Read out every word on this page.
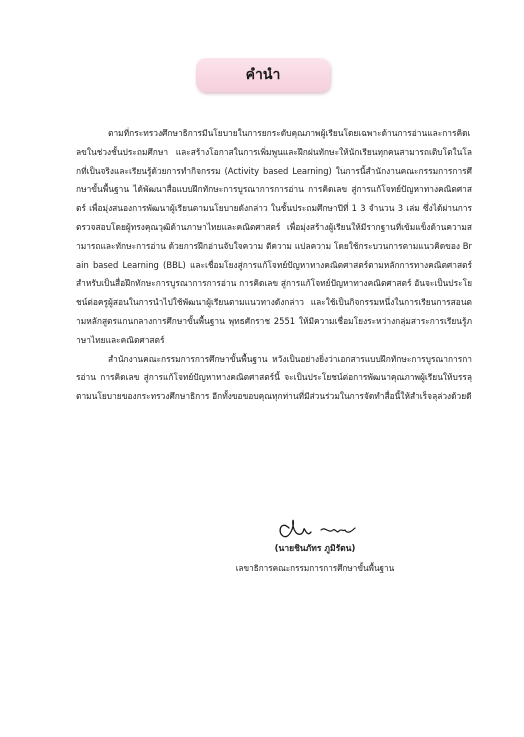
คำนำ

ตามที่กระทรวงศึกษาธิการมีนโยบายในการยกระดับคุณภาพผู้เรียนโดยเฉพาะด้านการอ่านและการคิดเลขในช่วงชั้นประถมศึกษา และสร้างโอกาสในการเพิ่มพูนและฝึกฝนทักษะให้นักเรียนทุกคนสามารถเติบโตในโลกที่เป็นจริงและเรียนรู้ด้วยการทำกิจกรรม (Activity based Learning) ในการนี้สำนักงานคณะกรรมการการศึกษาขั้นพื้นฐาน ได้พัฒนาสื่อแบบฝึกทักษะการบูรณาการการอ่าน การคิดเลข สู่การแก้โจทย์ปัญหาทางคณิตศาสตร์ เพื่อมุ่งสนองการพัฒนาผู้เรียนตามนโยบายดังกล่าว ในชั้นประถมศึกษาปีที่ 1 3 จำนวน 3 เล่ม ซึ่งได้ผ่านการตรวจสอบโดยผู้ทรงคุณวุฒิด้านภาษาไทยและคณิตศาสตร์ เพื่อมุ่งสร้างผู้เรียนให้มีรากฐานที่เข้มแข็งด้านความสามารถและทักษะการอ่าน ด้วยการฝึกอ่านจับใจความ ตีความ แปลความ โดยใช้กระบวนการตามแนวคิดของ Brain based Learning (BBL) และเชื่อมโยงสู่การแก้โจทย์ปัญหาทางคณิตศาสตร์ตามหลักการทางคณิตศาสตร์ สำหรับเป็นสื่อฝึกทักษะการบูรณาการการอ่าน การคิดเลข สู่การแก้โจทย์ปัญหาทางคณิตศาสตร์ อันจะเป็นประโยชน์ต่อครูผู้สอนในการนำไปใช้พัฒนาผู้เรียนตามแนวทางดังกล่าว และใช้เป็นกิจกรรมหนึ่งในการเรียนการสอนตามหลักสูตรแกนกลางการศึกษาขั้นพื้นฐาน พุทธศักราช 2551 ให้มีความเชื่อมโยงระหว่างกลุ่มสาระการเรียนรู้ภาษาไทยและคณิตศาสตร์

สำนักงานคณะกรรมการการศึกษาขั้นพื้นฐาน หวังเป็นอย่างยิ่งว่าเอกสารแบบฝึกทักษะการบูรณาการการอ่าน การคิดเลข สู่การแก้โจทย์ปัญหาทางคณิตศาสตร์นี้ จะเป็นประโยชน์ต่อการพัฒนาคุณภาพผู้เรียนให้บรรลุตามนโยบายของกระทรวงศึกษาธิการ อีกทั้งขอขอบคุณทุกท่านที่มีส่วนร่วมในการจัดทำสื่อนี้ให้สำเร็จลุล่วงด้วยดี

(นายชินภัทร ภูมิรัตน)
เลขาธิการคณะกรรมการการศึกษาขั้นพื้นฐาน
